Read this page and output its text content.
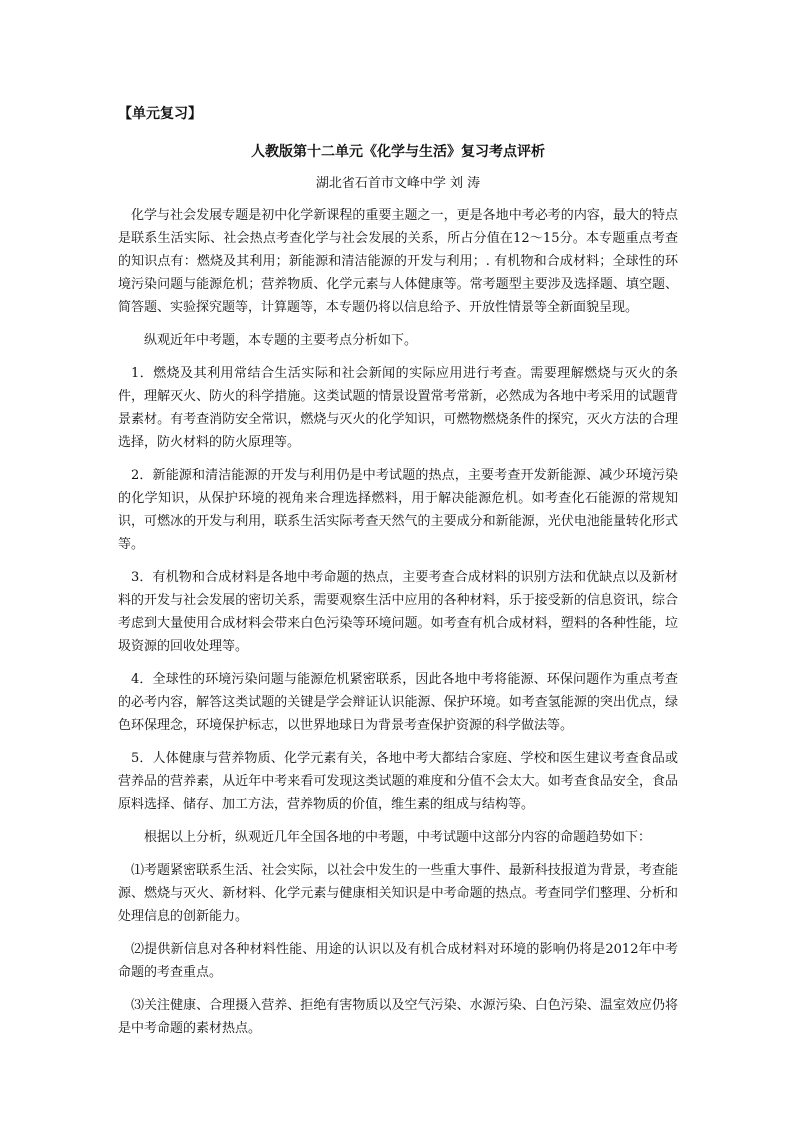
【单元复习】

人教版第十二单元《化学与生活》复习考点评析

湖北省石首市文峰中学 刘 涛

化学与社会发展专题是初中化学新课程的重要主题之一，更是各地中考必考的内容，最大的特点是联系生活实际、社会热点考查化学与社会发展的关系，所占分值在12～15分。本专题重点考查的知识点有：燃烧及其利用；新能源和清洁能源的开发与利用；. 有机物和合成材料；全球性的环境污染问题与能源危机；营养物质、化学元素与人体健康等。常考题型主要涉及选择题、填空题、简答题、实验探究题等，计算题等，本专题仍将以信息给予、开放性情景等全新面貌呈现。

纵观近年中考题，本专题的主要考点分析如下。

1．燃烧及其利用常结合生活实际和社会新闻的实际应用进行考查。需要理解燃烧与灭火的条件，理解灭火、防火的科学措施。这类试题的情景设置常考常新，必然成为各地中考采用的试题背景素材。有考查消防安全常识，燃烧与灭火的化学知识，可燃物燃烧条件的探究，灭火方法的合理选择，防火材料的防火原理等。

2．新能源和清洁能源的开发与利用仍是中考试题的热点，主要考查开发新能源、减少环境污染的化学知识，从保护环境的视角来合理选择燃料，用于解决能源危机。如考查化石能源的常规知识，可燃冰的开发与利用，联系生活实际考查天然气的主要成分和新能源，光伏电池能量转化形式等。

3．有机物和合成材料是各地中考命题的热点，主要考查合成材料的识别方法和优缺点以及新材料的开发与社会发展的密切关系，需要观察生活中应用的各种材料，乐于接受新的信息资讯，综合考虑到大量使用合成材料会带来白色污染等环境问题。如考查有机合成材料，塑料的各种性能，垃圾资源的回收处理等。

4．全球性的环境污染问题与能源危机紧密联系，因此各地中考将能源、环保问题作为重点考查的必考内容，解答这类试题的关键是学会辩证认识能源、保护环境。如考查氢能源的突出优点，绿色环保理念，环境保护标志，以世界地球日为背景考查保护资源的科学做法等。

5．人体健康与营养物质、化学元素有关，各地中考大都结合家庭、学校和医生建议考查食品或营养品的营养素，从近年中考来看可发现这类试题的难度和分值不会太大。如考查食品安全，食品原料选择、储存、加工方法，营养物质的价值，维生素的组成与结构等。

根据以上分析，纵观近几年全国各地的中考题，中考试题中这部分内容的命题趋势如下：

⑴考题紧密联系生活、社会实际，以社会中发生的一些重大事件、最新科技报道为背景，考查能源、燃烧与灭火、新材料、化学元素与健康相关知识是中考命题的热点。考查同学们整理、分析和处理信息的创新能力。

⑵提供新信息对各种材料性能、用途的认识以及有机合成材料对环境的影响仍将是2012年中考命题的考查重点。

⑶关注健康、合理摄入营养、拒绝有害物质以及空气污染、水源污染、白色污染、温室效应仍将是中考命题的素材热点。
